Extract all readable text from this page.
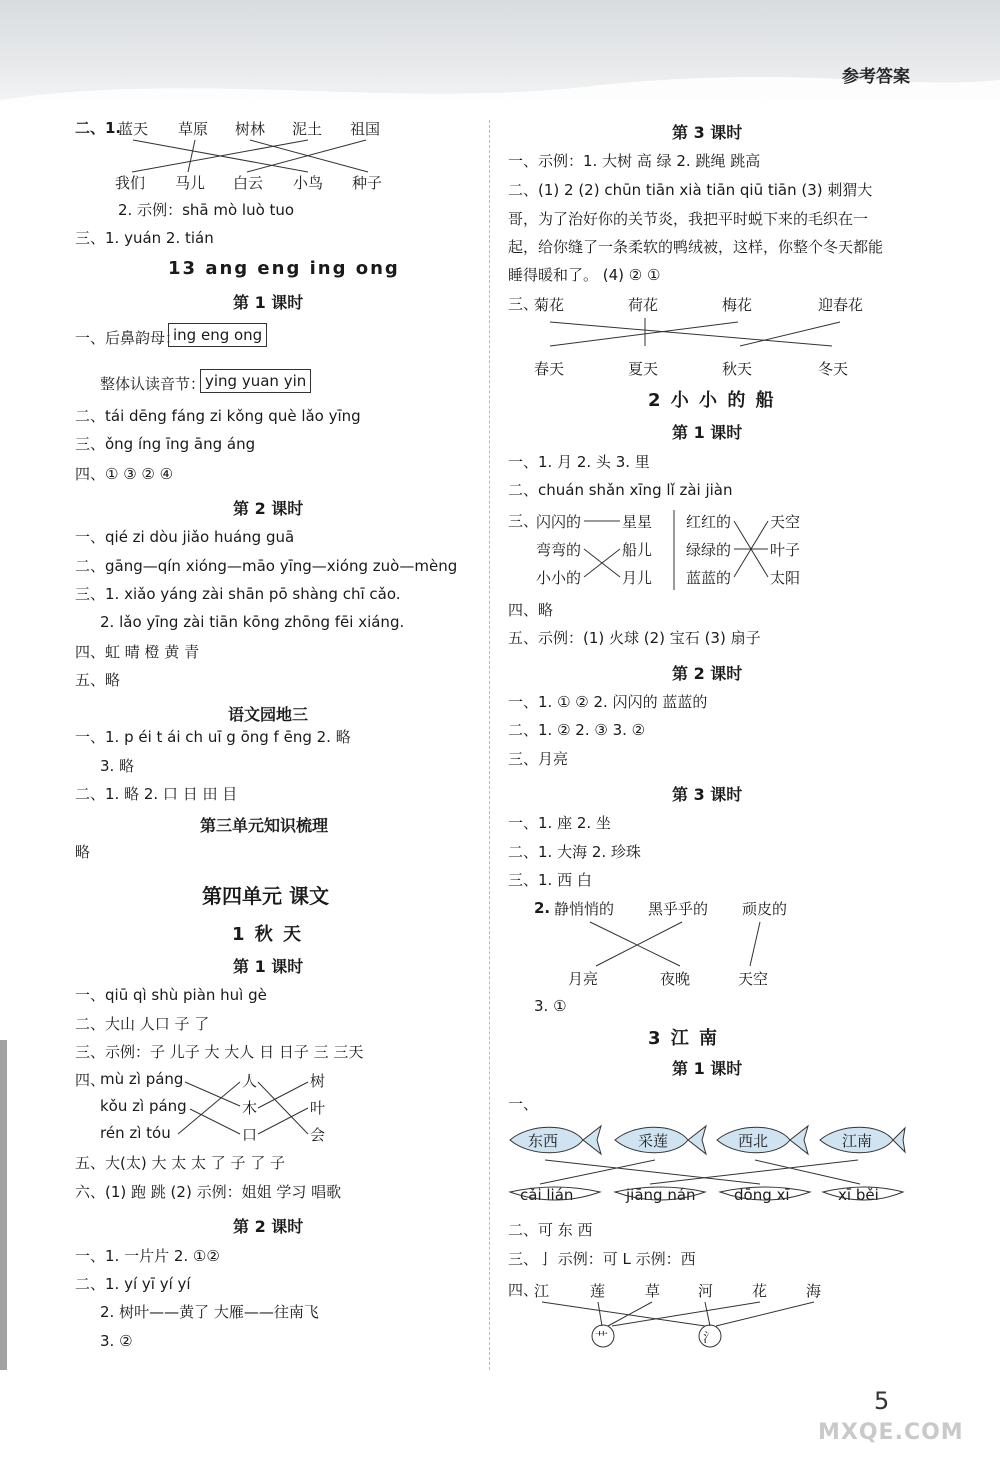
参考答案
二、1.
蓝天 草原 树林 泥土 祖国
我们 马儿 白云 小鸟 种子
2. 示例：shā mò luò tuo
三、1. yuán 2. tián
13 ang eng ing ong
第 1 课时
一、后鼻韵母：
ing eng ong
整体认读音节： ying yuan yin
二、tái dēng fáng zi kǒng què lǎo yīng
三、ǒng íng īng āng áng
四、① ③ ② ④
第 2 课时
一、qié zi dòu jiǎo huáng guā
二、gāng—qín xióng—māo yīng—xióng zuò—mèng
三、1. xiǎo yáng zài shān pō shàng chī cǎo.
2. lǎo yīng zài tiān kōng zhōng fēi xiáng.
四、虹 晴 橙 黄 青
五、略
语文园地三
一、1. p éi t ái ch uī g ōng f ēng 2. 略
3. 略
二、1. 略 2. 口 日 田 目
第三单元知识梳理
略
第四单元 课文
1 秋 天
第 1 课时
一、qiū qì shù piàn huì gè
二、大山 人口 子 了
三、示例：子 儿子 大 大人 日 日子 三 三天
四、
mù zì páng
kǒu zì páng
rén zì tóu
人
木
口
树
叶
会
五、大(太) 大 太 太 了 子 了 子
六、(1) 跑 跳 (2) 示例：姐姐 学习 唱歌
第 2 课时
一、1. 一片片 2. ①②
二、1. yí yī yí yí
2. 树叶——黄了 大雁——往南飞
3. ②
第 3 课时
一、示例：1. 大树 高 绿 2. 跳绳 跳高
二、(1) 2 (2) chūn tiān xià tiān qiū tiān (3) 刺猬大
哥，为了治好你的关节炎，我把平时蜕下来的毛织在一
起，给你缝了一条柔软的鸭绒被，这样，你整个冬天都能
睡得暖和了。 (4) ② ①
三、
菊花	荷花	梅花	迎春花
春天	夏天	秋天	冬天
2 小 小 的 船
第 1 课时
一、1. 月 2. 头 3. 里
二、chuán shǎn xīng lǐ zài jiàn
三、
闪闪的
弯弯的
小小的
星星
船儿
月儿
红红的
绿绿的
蓝蓝的
天空
叶子
太阳
四、略
五、示例：(1) 火球 (2) 宝石 (3) 扇子
第 2 课时
一、1. ① ② 2. 闪闪的 蓝蓝的
二、1. ② 2. ③ 3. ②
三、月亮
第 3 课时
一、1. 座 2. 坐
二、1. 大海 2. 珍珠
三、1. 西 白
2. 静悄悄的 黑乎乎的 顽皮的
月亮	夜晚	天空
3. ①
3 江 南
第 1 课时
一、
东西	采莲	西北	江南
cǎi lián	jiāng nán	dōng xī	xī běi
二、可 东 西
三、亅 示例：可 L 示例：西
四、
江	莲	草	河	花	海
艹	氵
5
MXQE.COM
